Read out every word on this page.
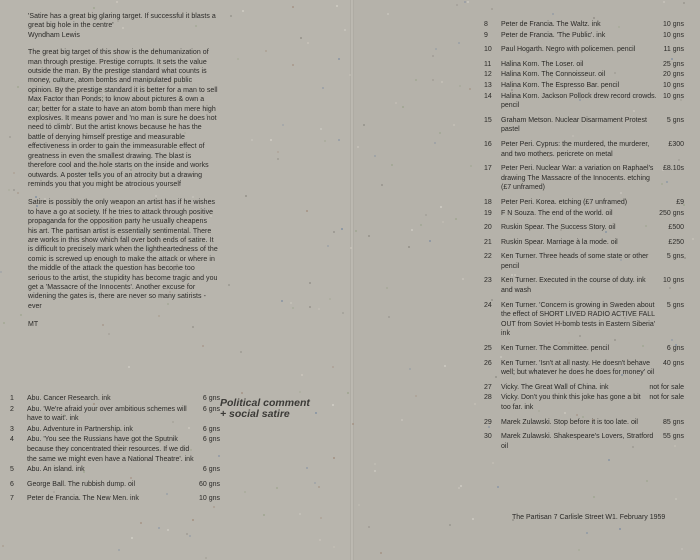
'Satire has a great big glaring target. If successful it blasts a great big hole in the centre'
Wyndham Lewis

The great big target of this show is the dehumanization of man through prestige. Prestige corrupts. It sets the value outside the man. By the prestige standard what counts is money, culture, atom bombs and manipulated public opinion. By the prestige standard it is better for a man to sell Max Factor than Ponds; to know about pictures & own a car; better for a state to have an atom bomb than mere high explosives. It means power and 'no man is sure he does not need to climb'. But the artist knows because he has the battle of denying himself prestige and measurable effectiveness in order to gain the immeasurable effect of greatness in even the smallest drawing. The blast is therefore cool and the hole starts on the inside and works outwards. A poster tells you of an atrocity but a drawing reminds you that you might be atrocious yourself

Satire is possibly the only weapon an artist has if he wishes to have a go at society. If he tries to attack through positive propaganda for the opposition party he usually cheapens his art. The partisan artist is essentially sentimental. There are works in this show which fall over both ends of satire. It is difficult to precisely mark when the lightheartedness of the comic is screwed up enough to make the attack or where in the middle of the attack the question has become too serious to the artist, the stupidity has become tragic and you get a 'Massacre of the Innocents'. Another excuse for widening the gates is, there are never so many satirists - ever

MT

Political comment
+ social satire
1	Abu. Cancer Research. ink	6 gns
2	Abu. 'We're afraid your over ambitious schemes will have to wait'. ink
6 gns
3	Abu. Adventure in Partnership. ink	6 gns
4	Abu. 'You see the Russians have got the Sputnik because they concentrated their resources. If we did the same we might even have a National Theatre'. ink
6 gns
5	Abu. An island. ink	6 gns
6	George Ball. The rubbish dump. oil	60 gns
7	Peter de Francia. The New Men. ink	10 gns
8	Peter de Francia. The Waltz. ink	10 gns
9	Peter de Francia. 'The Public'. ink	10 gns
10	Paul Hogarth. Negro with policemen. pencil	11 gns
11	Halina Korn. The Loser. oil	25 gns
12	Halina Korn. The Connoisseur. oil	20 gns
13	Halina Korn. The Espresso Bar. pencil	10 gns
14	Halina Korn. Jackson Pollock drew record crowds. pencil
10 gns
15	Graham Metson. Nuclear Disarmament Protest pastel
5 gns
16	Peter Peri. Cyprus: the murdered, the murderer, and two mothers. pericrete on metal
£300
17	Peter Peri. Nuclear War: a variation on Raphael's drawing The Massacre of the Innocents. etching (£7 unframed)
£8.10s
18	Peter Peri. Korea. etching (£7 unframed)	£9
19	F N Souza. The end of the world. oil	250 gns
20	Ruskin Spear. The Success Story. oil	£500
21	Ruskin Spear. Marriage à la mode. oil	£250
22	Ken Turner. Three heads of some state or other pencil
5 gns
23	Ken Turner. Executed in the course of duty. ink and wash
10 gns
24	Ken Turner. 'Concern is growing in Sweden about the effect of SHORT LIVED RADIO ACTIVE FALL OUT from Soviet H-bomb tests in Eastern Siberia' ink
5 gns
25	Ken Turner. The Committee. pencil	6 gns
26	Ken Turner. 'Isn't at all nasty. He doesn't behave well; but whatever he does he does for money' oil
40 gns
27	Vicky. The Great Wall of China. ink	not for sale
28	Vicky. Don't you think this joke has gone a bit too far. ink
not for sale
29	Marek Zulawski. Stop before it is too late. oil	85 gns
30	Marek Zulawski. Shakespeare's Lovers, Stratford oil
55 gns
The Partisan 7 Carlisle Street W1. February 1959
